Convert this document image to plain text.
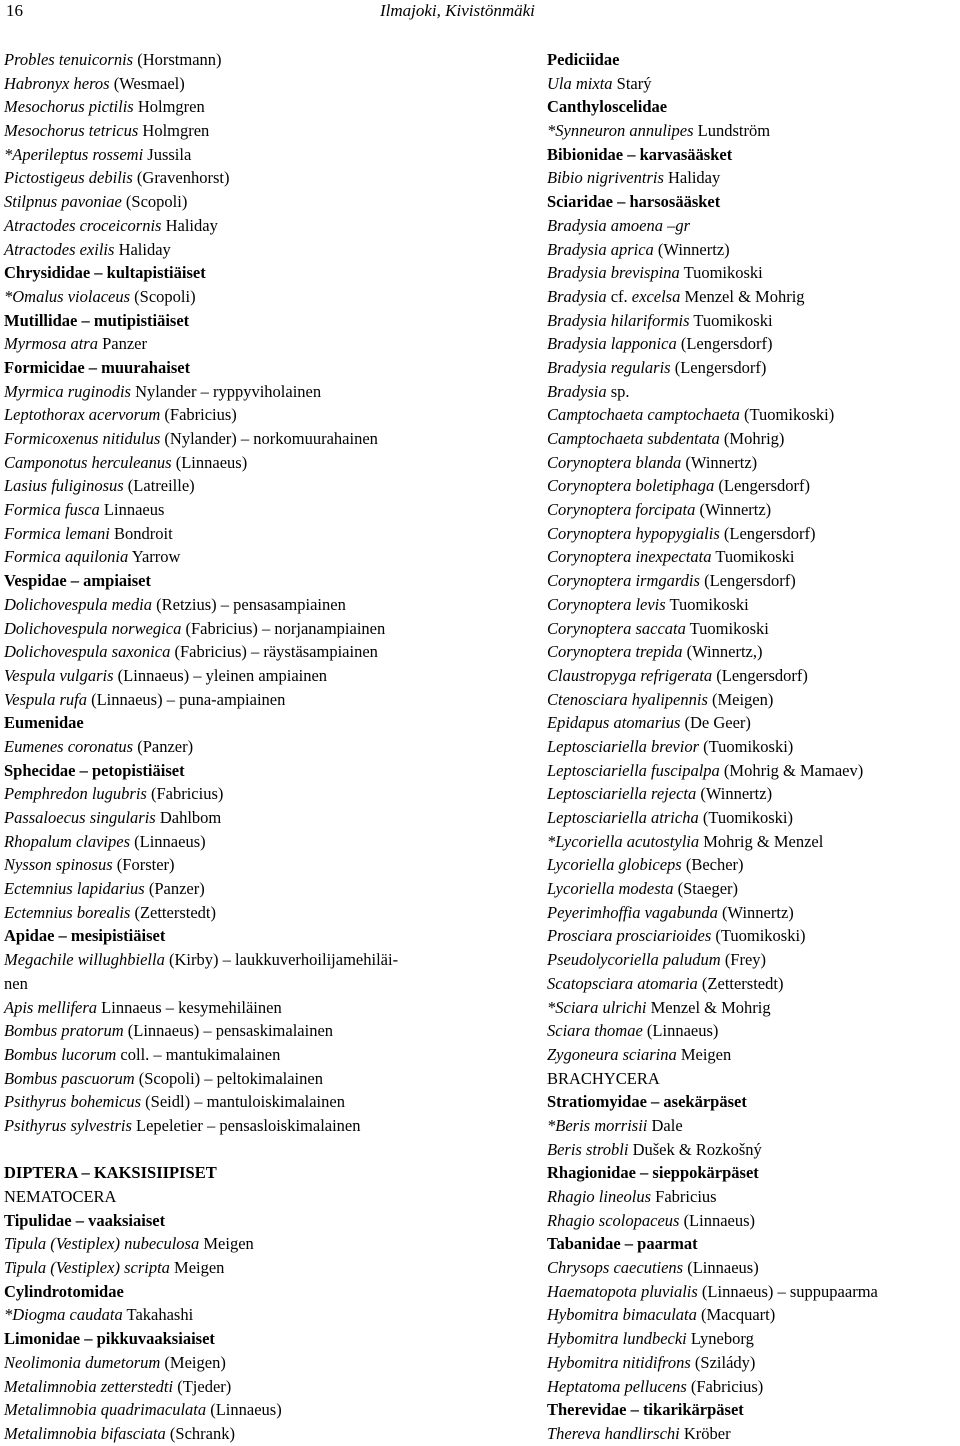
16	Ilmajoki, Kivistönmäki
Probles tenuicornis (Horstmann)
Habronyx heros (Wesmael)
Mesochorus pictilis Holmgren
Mesochorus tetricus Holmgren
*Aperileptus rossemi Jussila
Pictostigeus debilis (Gravenhorst)
Stilpnus pavoniae (Scopoli)
Atractodes croceicornis Haliday
Atractodes exilis Haliday
Chrysididae – kultapistiäiset
*Omalus violaceus (Scopoli)
Mutillidae – mutipistiäiset
Myrmosa atra Panzer
Formicidae – muurahaiset
Myrmica ruginodis Nylander – ryppyviholainen
Leptothorax acervorum (Fabricius)
Formicoxenus nitidulus (Nylander) – norkomuurahainen
Camponotus herculeanus (Linnaeus)
Lasius fuliginosus (Latreille)
Formica fusca Linnaeus
Formica lemani Bondroit
Formica aquilonia Yarrow
Vespidae – ampiaiset
Dolichovespula media (Retzius) – pensasampiainen
Dolichovespula norwegica (Fabricius) – norjanampiainen
Dolichovespula saxonica (Fabricius) – räystäsampiainen
Vespula vulgaris (Linnaeus) – yleinen ampiainen
Vespula rufa (Linnaeus) – puna-ampiainen
Eumenidae
Eumenes coronatus (Panzer)
Sphecidae – petopistiäiset
Pemphredon lugubris (Fabricius)
Passaloecus singularis Dahlbom
Rhopalum clavipes (Linnaeus)
Nysson spinosus (Forster)
Ectemnius lapidarius (Panzer)
Ectemnius borealis (Zetterstedt)
Apidae – mesipistiäiset
Megachile willughbiella (Kirby) – laukkuverhoilijamehiläi-
nen
Apis mellifera Linnaeus – kesymehiläinen
Bombus pratorum (Linnaeus) – pensaskimalainen
Bombus lucorum coll. – mantukimalainen
Bombus pascuorum (Scopoli) – peltokimalainen
Psithyrus bohemicus (Seidl) – mantuloiskimalainen
Psithyrus sylvestris Lepeletier – pensasloiskimalainen
DIPTERA – KAKSISIIPISET
NEMATOCERA
Tipulidae – vaaksiaiset
Tipula (Vestiplex) nubeculosa Meigen
Tipula (Vestiplex) scripta Meigen
Cylindrotomidae
*Diogma caudata Takahashi
Limonidae – pikkuvaaksiaiset
Neolimonia dumetorum (Meigen)
Metalimnobia zetterstedti (Tjeder)
Metalimnobia quadrimaculata (Linnaeus)
Metalimnobia bifasciata (Schrank)
Pediciidae
Ula mixta Starý
Canthyloscelidae
*Synneuron annulipes Lundström
Bibionidae – karvasääsket
Bibio nigriventris Haliday
Sciaridae – harsosääsket
Bradysia amoena –gr
Bradysia aprica (Winnertz)
Bradysia brevispina Tuomikoski
Bradysia cf. excelsa Menzel & Mohrig
Bradysia hilariformis Tuomikoski
Bradysia lapponica (Lengersdorf)
Bradysia regularis (Lengersdorf)
Bradysia sp.
Camptochaeta camptochaeta (Tuomikoski)
Camptochaeta subdentata (Mohrig)
Corynoptera blanda (Winnertz)
Corynoptera boletiphaga (Lengersdorf)
Corynoptera forcipata (Winnertz)
Corynoptera hypopygialis (Lengersdorf)
Corynoptera inexpectata Tuomikoski
Corynoptera irmgardis (Lengersdorf)
Corynoptera levis Tuomikoski
Corynoptera saccata Tuomikoski
Corynoptera trepida (Winnertz,)
Claustropyga refrigerata (Lengersdorf)
Ctenosciara hyalipennis (Meigen)
Epidapus atomarius (De Geer)
Leptosciariella brevior (Tuomikoski)
Leptosciariella fuscipalpa (Mohrig & Mamaev)
Leptosciariella rejecta (Winnertz)
Leptosciariella atricha (Tuomikoski)
*Lycoriella acutostylia Mohrig & Menzel
Lycoriella globiceps (Becher)
Lycoriella modesta (Staeger)
Peyerimhoffia vagabunda (Winnertz)
Prosciara prosciarioides (Tuomikoski)
Pseudolycoriella paludum (Frey)
Scatopsciara atomaria (Zetterstedt)
*Sciara ulrichi Menzel & Mohrig
Sciara thomae (Linnaeus)
Zygoneura sciarina Meigen
BRACHYCERA
Stratiomyidae – asekärpäset
*Beris morrisii Dale
Beris strobli Dušek & Rozkošný
Rhagionidae – sieppokärpäset
Rhagio lineolus Fabricius
Rhagio scolopaceus (Linnaeus)
Tabanidae – paarmat
Chrysops caecutiens (Linnaeus)
Haematopota pluvialis (Linnaeus) – suppupaarma
Hybomitra bimaculata (Macquart)
Hybomitra lundbecki Lyneborg
Hybomitra nitidifrons (Szilády)
Heptatoma pellucens (Fabricius)
Therevidae – tikarikärpäset
Thereva handlirschi Kröber
